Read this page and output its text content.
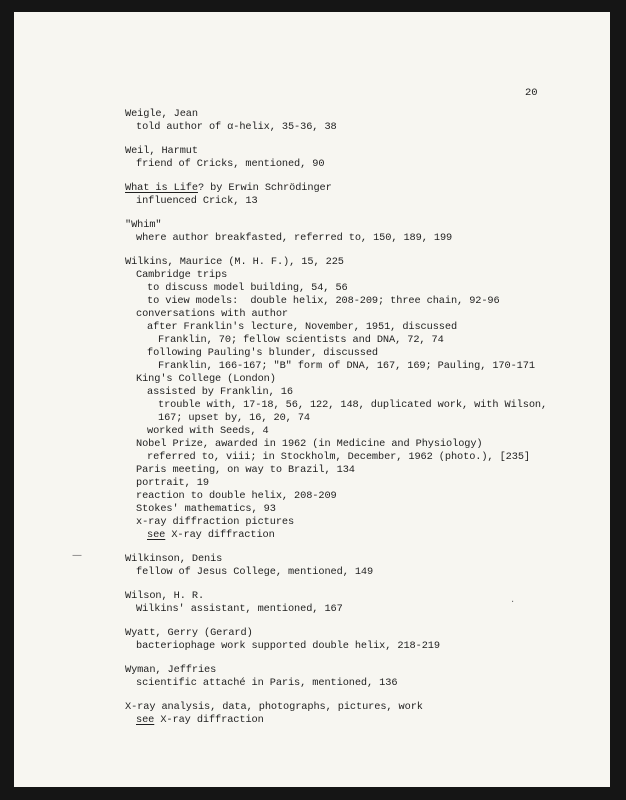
20
Weigle, Jean
told author of α-helix, 35-36, 38
Weil, Harmut
friend of Cricks, mentioned, 90
What is Life? by Erwin Schrödinger
influenced Crick, 13
"Whim"
where author breakfasted, referred to, 150, 189, 199
Wilkins, Maurice (M. H. F.), 15, 225
Cambridge trips
to discuss model building, 54, 56
to view models:  double helix, 208-209; three chain, 92-96
conversations with author
after Franklin's lecture, November, 1951, discussed
Franklin, 70; fellow scientists and DNA, 72, 74
following Pauling's blunder, discussed
Franklin, 166-167; "B" form of DNA, 167, 169; Pauling, 170-171
King's College (London)
assisted by Franklin, 16
trouble with, 17-18, 56, 122, 148, duplicated work, with Wilson,
167; upset by, 16, 20, 74
worked with Seeds, 4
Nobel Prize, awarded in 1962 (in Medicine and Physiology)
referred to, viii; in Stockholm, December, 1962 (photo.), [235]
Paris meeting, on way to Brazil, 134
portrait, 19
reaction to double helix, 208-209
Stokes' mathematics, 93
x-ray diffraction pictures
see X-ray diffraction
Wilkinson, Denis
fellow of Jesus College, mentioned, 149
Wilson, H. R.
Wilkins' assistant, mentioned, 167
Wyatt, Gerry (Gerard)
bacteriophage work supported double helix, 218-219
Wyman, Jeffries
scientific attaché in Paris, mentioned, 136
X-ray analysis, data, photographs, pictures, work
see X-ray diffraction
—
·
